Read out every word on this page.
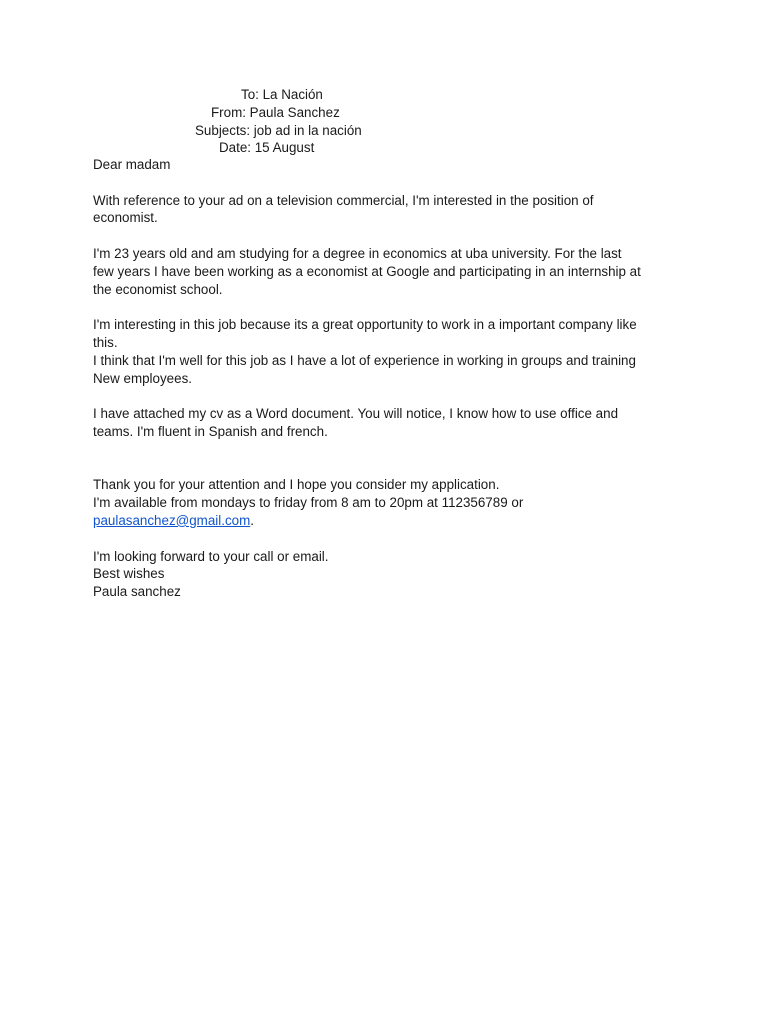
To: La Nación
From: Paula Sanchez
Subjects: job ad in la nación
Date: 15 August

Dear madam

With reference to your ad on a television commercial, I'm interested in the position of

economist.

I'm 23 years old and am studying for a degree in economics at uba university. For the last

few years I have been working as a economist at Google and participating in an internship at

the economist school.

I'm interesting in this job because its a great opportunity to work in a important company like

this.

I think that I'm well for this job as I have a lot of experience in working in groups and training

New employees.

I have attached my cv as a Word document. You will notice, I know how to use office and

teams. I'm fluent in Spanish and french.

Thank you for your attention and I hope you consider my application.

I'm available from mondays to friday from 8 am to 20pm at 112356789 or

paulasanchez@gmail.com.

I'm looking forward to your call or email.

Best wishes

Paula sanchez
